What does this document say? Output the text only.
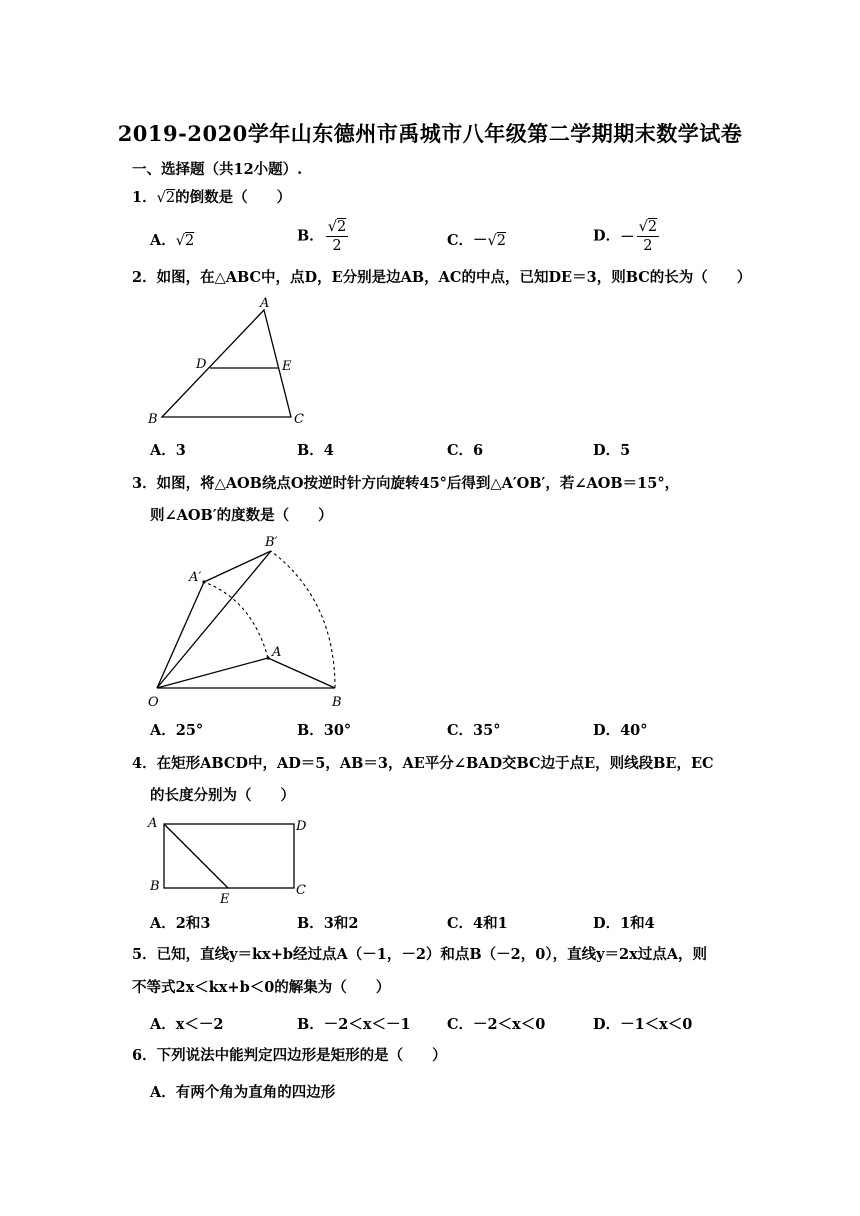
2019-2020学年山东德州市禹城市八年级第二学期期末数学试卷
一、选择题（共12小题）.
1．√2的倒数是（　　）
A．√2	B． $\frac{√2}{2}$	C．－√2	D．－ $\frac{√2}{2}$
2．如图，在△ABC中，点D，E分别是边AB，AC的中点，已知DE＝3，则BC的长为（　　）
A
D	E
B	C
A．3	B．4	C．6	D．5
3．如图，将△AOB绕点O按逆时针方向旋转45°后得到△A′OB′，若∠AOB＝15°，
则∠AOB′的度数是（　　）
A′
B′
A
O	B
A．25°	B．30°	C．35°	D．40°
4．在矩形ABCD中，AD＝5，AB＝3，AE平分∠BAD交BC边于点E，则线段BE，EC
的长度分别为（　　）
A	D
B
E
C
A．2和3	B．3和2	C．4和1	D．1和4
5．已知，直线y＝kx+b经过点A（－1，－2）和点B（－2，0），直线y＝2x过点A，则
不等式2x＜kx+b＜0的解集为（　　）
A．x＜－2	B．－2＜x＜－1	C．－2＜x＜0	D．－1＜x＜0
6．下列说法中能判定四边形是矩形的是（　　）
A．有两个角为直角的四边形
